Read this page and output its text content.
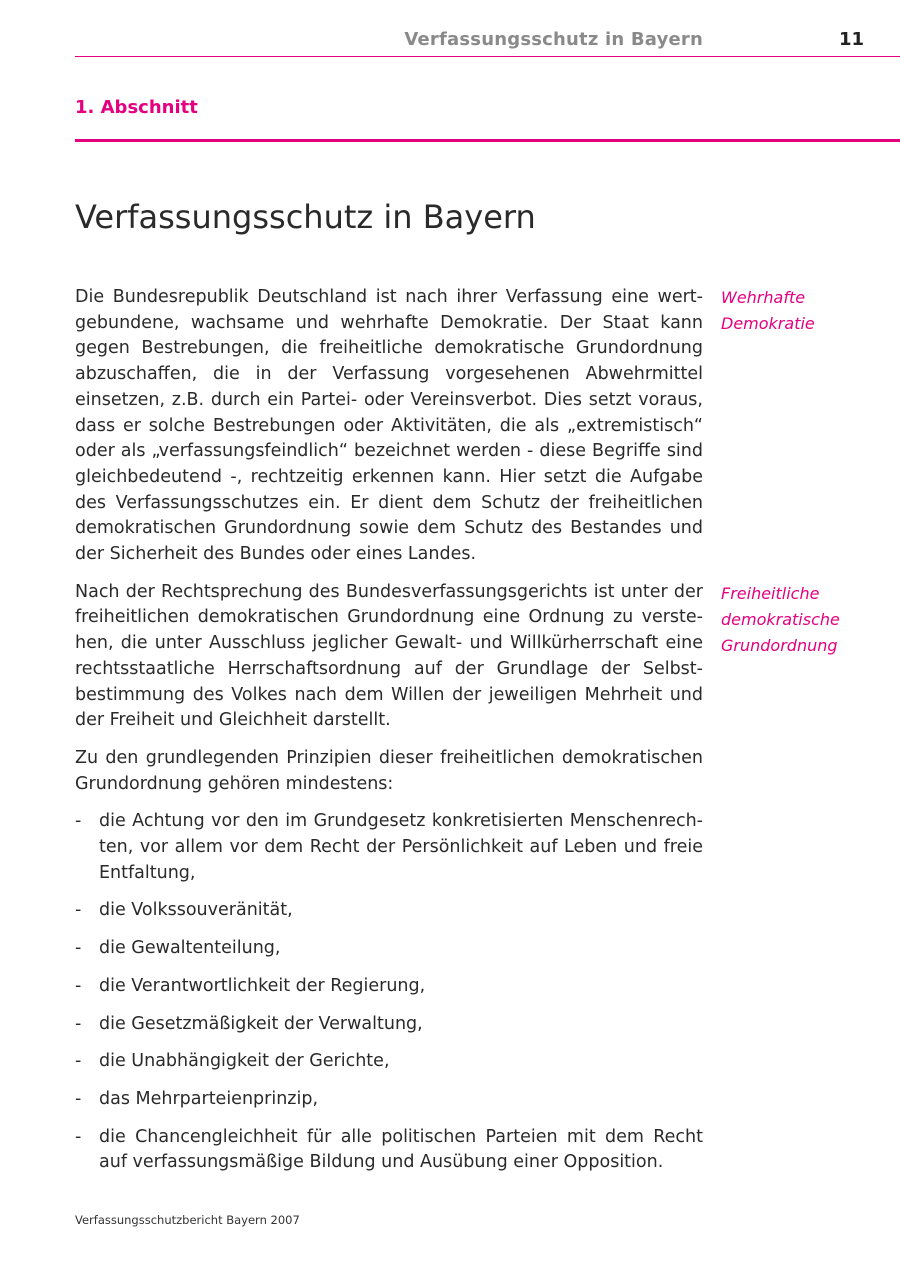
Verfassungsschutz in Bayern	11
1. Abschnitt
Verfassungsschutz in Bayern

Die Bundesrepublik Deutschland ist nach ihrer Verfassung eine wertgebundene, wachsame und wehrhafte Demokratie. Der Staat kann gegen Bestrebungen, die freiheitliche demokratische Grundordnung abzuschaffen, die in der Verfassung vorgesehenen Abwehrmittel einsetzen, z.B. durch ein Partei- oder Vereinsverbot. Dies setzt voraus, dass er solche Bestrebungen oder Aktivitäten, die als „extremistisch“ oder als „verfassungsfeindlich“ bezeichnet werden - diese Begriffe sind gleichbedeutend -, rechtzeitig erkennen kann. Hier setzt die Aufgabe des Verfassungsschutzes ein. Er dient dem Schutz der freiheitlichen demokratischen Grundordnung sowie dem Schutz des Bestandes und der Sicherheit des Bundes oder eines Landes.

Nach der Rechtsprechung des Bundesverfassungsgerichts ist unter der freiheitlichen demokratischen Grundordnung eine Ordnung zu verstehen, die unter Ausschluss jeglicher Gewalt- und Willkürherrschaft eine rechtsstaatliche Herrschaftsordnung auf der Grundlage der Selbstbestimmung des Volkes nach dem Willen der jeweiligen Mehrheit und der Freiheit und Gleichheit darstellt.

Zu den grundlegenden Prinzipien dieser freiheitlichen demokratischen Grundordnung gehören mindestens:

- die Achtung vor den im Grundgesetz konkretisierten Menschenrechten, vor allem vor dem Recht der Persönlichkeit auf Leben und freie Entfaltung,
- die Volkssouveränität,
- die Gewaltenteilung,
- die Verantwortlichkeit der Regierung,
- die Gesetzmäßigkeit der Verwaltung,
- die Unabhängigkeit der Gerichte,
- das Mehrparteienprinzip,
- die Chancengleichheit für alle politischen Parteien mit dem Recht auf verfassungsmäßige Bildung und Ausübung einer Opposition.
Wehrhafte
Demokratie
Freiheitliche
demokratische
Grundordnung
Verfassungsschutzbericht Bayern 2007
